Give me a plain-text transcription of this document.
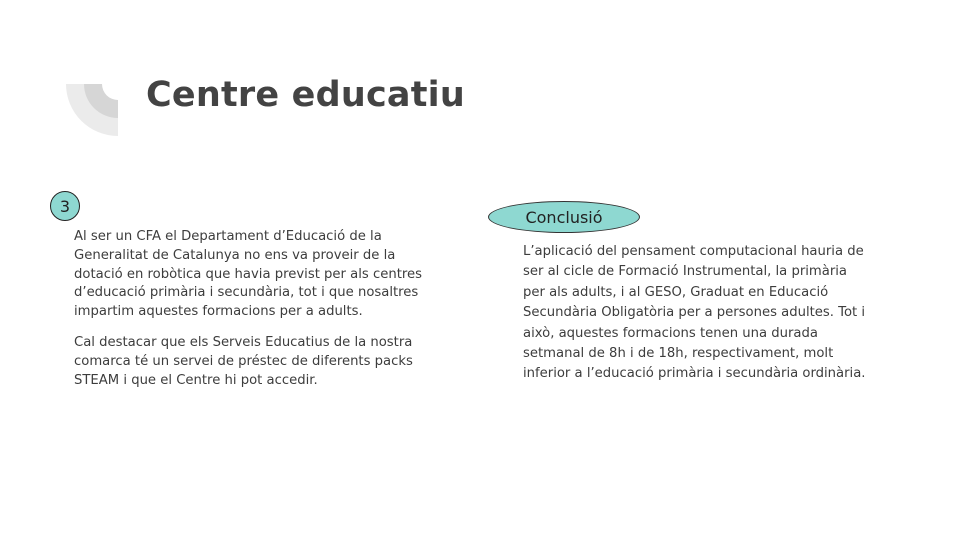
Centre educatiu
3

Al ser un CFA el Departament d’Educació de la Generalitat de Catalunya no ens va proveir de la dotació en robòtica que havia previst per als centres d’educació primària i secundària, tot i que nosaltres impartim aquestes formacions per a adults.

Cal destacar que els Serveis Educatius de la nostra comarca té un servei de préstec de diferents packs STEAM i que el Centre hi pot accedir.

Conclusió

L’aplicació del pensament computacional hauria de ser al cicle de Formació Instrumental, la primària per als adults, i al GESO, Graduat en Educació Secundària Obligatòria per a persones adultes. Tot i això, aquestes formacions tenen una durada setmanal de 8h i de 18h, respectivament, molt inferior a l’educació primària i secundària ordinària.
